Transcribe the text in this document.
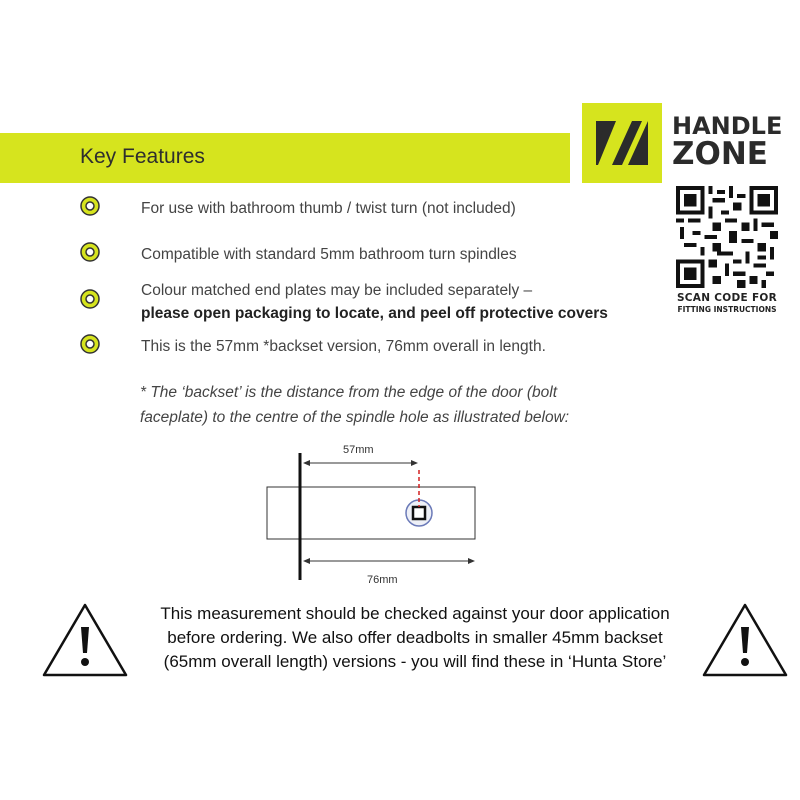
Key Features
HANDLE
ZONE
SCAN CODE FOR
FITTING INSTRUCTIONS
For use with bathroom thumb / twist turn (not included)
Compatible with standard 5mm bathroom turn spindles
Colour matched end plates may be included separately –
please open packaging to locate, and peel off protective covers
This is the 57mm *backset version, 76mm overall in length.
* The ‘backset’ is the distance from the edge of the door (bolt
faceplate) to the centre of the spindle hole as illustrated below:
57mm
76mm
This measurement should be checked against your door application
before ordering. We also offer deadbolts in smaller 45mm backset
(65mm overall length) versions - you will find these in ‘Hunta Store’
